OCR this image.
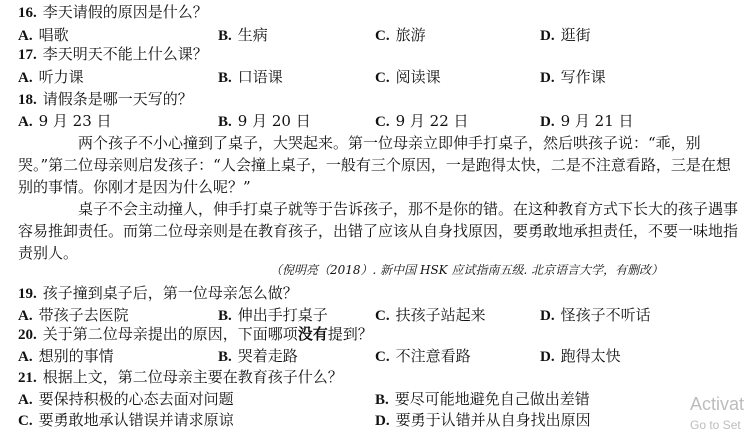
16. 李天请假的原因是什么？
A. 唱歌	B. 生病	C. 旅游	D. 逛街
17. 李天明天不能上什么课？
A. 听力课	B. 口语课	C. 阅读课	D. 写作课
18. 请假条是哪一天写的？
A. 9 月 23 日	B. 9 月 20 日	C. 9 月 22 日	D. 9 月 21 日
两个孩子不小心撞到了桌子，大哭起来。第一位母亲立即伸手打桌子，然后哄孩子说：“乖，别哭。”第二位母亲则启发孩子：“人会撞上桌子，一般有三个原因，一是跑得太快，二是不注意看路，三是在想别的事情。你刚才是因为什么呢？”
桌子不会主动撞人，伸手打桌子就等于告诉孩子，那不是你的错。在这种教育方式下长大的孩子遇事容易推卸责任。而第二位母亲则是在教育孩子，出错了应该从自身找原因，要勇敢地承担责任，不要一味地指责别人。
（倪明亮（2018）. 新中国 HSK 应试指南五级. 北京语言大学，有删改）
19. 孩子撞到桌子后，第一位母亲怎么做？
A. 带孩子去医院	B. 伸出手打桌子	C. 扶孩子站起来	D. 怪孩子不听话
20. 关于第二位母亲提出的原因，下面哪项没有提到？
A. 想别的事情	B. 哭着走路	C. 不注意看路	D. 跑得太快
21. 根据上文，第二位母亲主要在教育孩子什么？
A. 要保持积极的心态去面对问题	B. 要尽可能地避免自己做出差错
C. 要勇敢地承认错误并请求原谅	D. 要勇于认错并从自身找出原因
Activat
Go to Set
